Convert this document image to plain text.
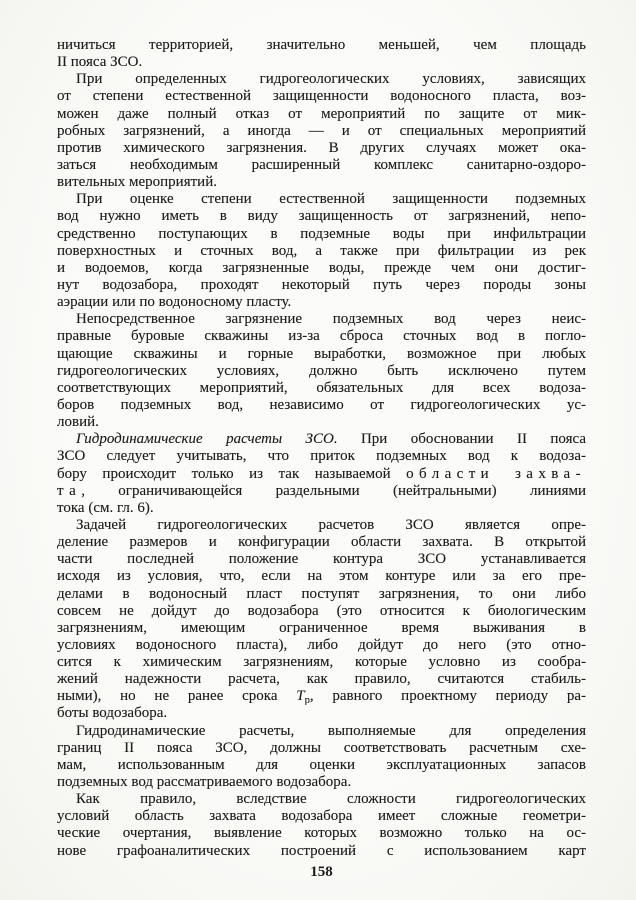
ничиться территорией, значительно меньшей, чем площадь
II пояса ЗСО.
При определенных гидрогеологических условиях, зависящих
от степени естественной защищенности водоносного пласта, воз-
можен даже полный отказ от мероприятий по защите от мик-
робных загрязнений, а иногда — и от специальных мероприятий
против химического загрязнения. В других случаях может ока-
заться необходимым расширенный комплекс санитарно-оздоро-
вительных мероприятий.
При оценке степени естественной защищенности подземных
вод нужно иметь в виду защищенность от загрязнений, непо-
средственно поступающих в подземные воды при инфильтрации
поверхностных и сточных вод, а также при фильтрации из рек
и водоемов, когда загрязненные воды, прежде чем они достиг-
нут водозабора, проходят некоторый путь через породы зоны
аэрации или по водоносному пласту.
Непосредственное загрязнение подземных вод через неис-
правные буровые скважины из-за сброса сточных вод в погло-
щающие скважины и горные выработки, возможное при любых
гидрогеологических условиях, должно быть исключено путем
соответствующих мероприятий, обязательных для всех водоза-
боров подземных вод, независимо от гидрогеологических ус-
ловий.
Гидродинамические расчеты ЗСО. При обосновании II пояса
ЗСО следует учитывать, что приток подземных вод к водоза-
бору происходит только из так называемой области захва-
та, ограничивающейся раздельными (нейтральными) линиями
тока (см. гл. 6).
Задачей гидрогеологических расчетов ЗСО является опре-
деление размеров и конфигурации области захвата. В открытой
части последней положение контура ЗСО устанавливается
исходя из условия, что, если на этом контуре или за его пре-
делами в водоносный пласт поступят загрязнения, то они либо
совсем не дойдут до водозабора (это относится к биологическим
загрязнениям, имеющим ограниченное время выживания в
условиях водоносного пласта), либо дойдут до него (это отно-
сится к химическим загрязнениям, которые условно из сообра-
жений надежности расчета, как правило, считаются стабиль-
ными), но не ранее срока $Т_р$, равного проектному периоду ра-
боты водозабора.
Гидродинамические расчеты, выполняемые для определения
границ II пояса ЗСО, должны соответствовать расчетным схе-
мам, использованным для оценки эксплуатационных запасов
подземных вод рассматриваемого водозабора.
Как правило, вследствие сложности гидрогеологических
условий область захвата водозабора имеет сложные геометри-
ческие очертания, выявление которых возможно только на ос-
нове графоаналитических построений с использованием карт
158
